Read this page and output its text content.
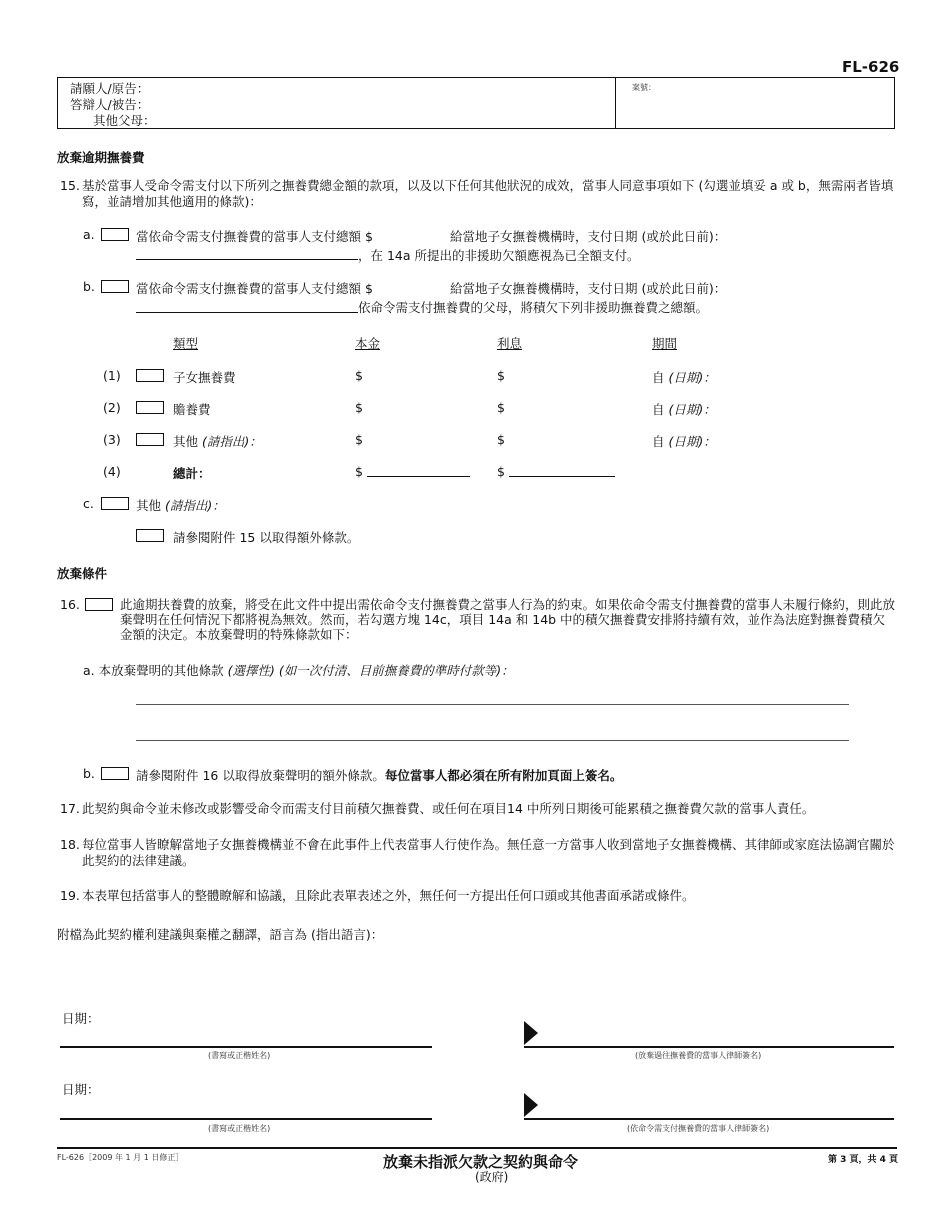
FL-626
請願人/原告：
答辯人/被告：
其他父母：
案號：
放棄逾期撫養費
15. 基於當事人受命令需支付以下所列之撫養費總金額的款項，以及以下任何其他狀況的成效，當事人同意事項如下 (勾選並填妥 a 或 b，無需兩者皆填寫，並請增加其他適用的條款)：
a.	當依命令需支付撫養費的當事人支付總額 $	給當地子女撫養機構時，支付日期 (或於此日前)：
，在 14a 所提出的非援助欠額應視為已全額支付。
b.	當依命令需支付撫養費的當事人支付總額 $	給當地子女撫養機構時，支付日期 (或於此日前)：
依命令需支付撫養費的父母，將積欠下列非援助撫養費之總額。
類型	本金	利息	期間
(1)	子女撫養費	$	$	自 (日期)：
(2)	贍養費	$	$	自 (日期)：
(3)	其他 (請指出)：	$	$	自 (日期)：
(4)	總計：	$	$
c.	其他 (請指出)：
請參閱附件 15 以取得額外條款。
放棄條件
16.	此逾期扶養費的放棄，將受在此文件中提出需依命令支付撫養費之當事人行為的約束。如果依命令需支付撫養費的當事人未履行條約，則此放棄聲明在任何情況下都將視為無效。然而，若勾選方塊 14c，項目 14a 和 14b 中的積欠撫養費安排將持續有效，並作為法庭對撫養費積欠金額的決定。本放棄聲明的特殊條款如下：
a. 本放棄聲明的其他條款 (選擇性) (如一次付清、目前撫養費的準時付款等)：
b.	請參閱附件 16 以取得放棄聲明的額外條款。每位當事人都必須在所有附加頁面上簽名。
17. 此契約與命令並未修改或影響受命令而需支付目前積欠撫養費、或任何在項目14 中所列日期後可能累積之撫養費欠款的當事人責任。
18. 每位當事人皆瞭解當地子女撫養機構並不會在此事件上代表當事人行使作為。無任意一方當事人收到當地子女撫養機構、其律師或家庭法協調官關於此契約的法律建議。
19. 本表單包括當事人的整體瞭解和協議，且除此表單表述之外，無任何一方提出任何口頭或其他書面承諾或條件。
附檔為此契約權利建議與棄權之翻譯，語言為 (指出語言)：
日期：
(書寫或正楷姓名)	(放棄過往撫養費的當事人律師簽名)
日期：
(書寫或正楷姓名)	(依命令需支付撫養費的當事人律師簽名)
FL-626［2009 年 1 月 1 日修正］	放棄未指派欠款之契約與命令
(政府)
第 3 頁，共 4 頁
